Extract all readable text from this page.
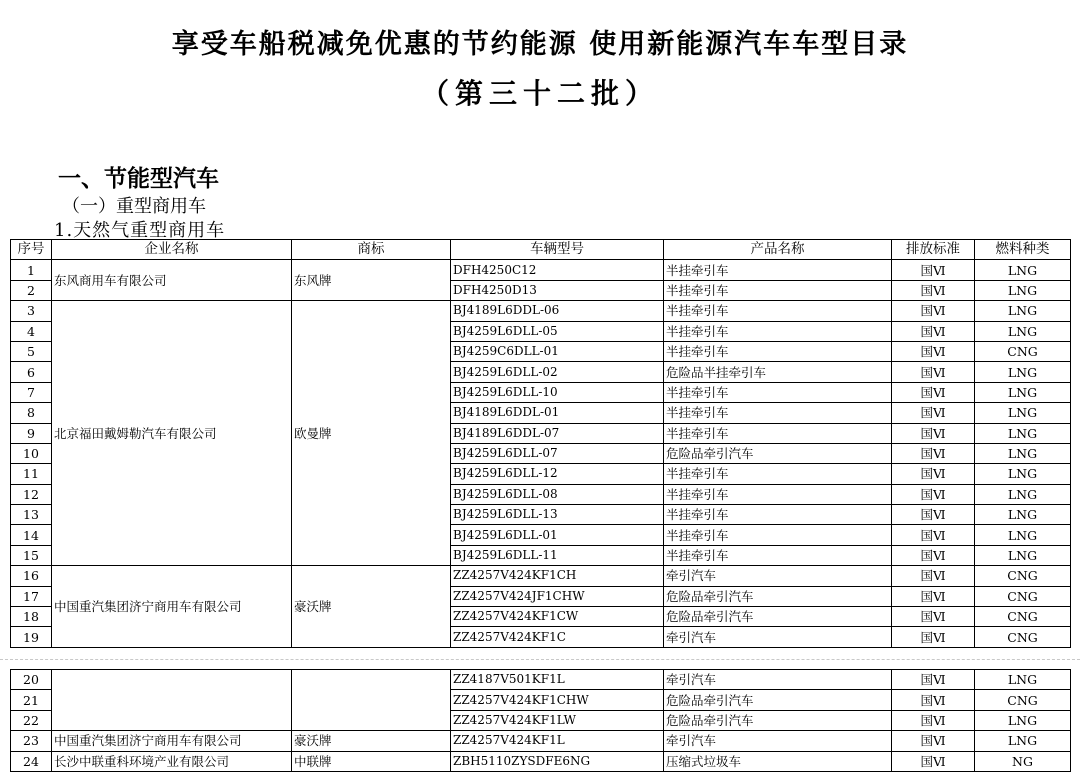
享受车船税减免优惠的节约能源 使用新能源汽车车型目录
（第三十二批）
一、节能型汽车
（一）重型商用车
1.天然气重型商用车
序号	企业名称	商标	车辆型号	产品名称	排放标准	燃料种类
1	东风商用车有限公司	东风牌	DFH4250C12	半挂牵引车	国Ⅵ	LNG
2			DFH4250D13	半挂牵引车	国Ⅵ	LNG
3	北京福田戴姆勒汽车有限公司	欧曼牌	BJ4189L6DDL-06	半挂牵引车	国Ⅵ	LNG
4			BJ4259L6DLL-05	半挂牵引车	国Ⅵ	LNG
5			BJ4259C6DLL-01	半挂牵引车	国Ⅵ	CNG
6			BJ4259L6DLL-02	危险品半挂牵引车	国Ⅵ	LNG
7			BJ4259L6DLL-10	半挂牵引车	国Ⅵ	LNG
8			BJ4189L6DDL-01	半挂牵引车	国Ⅵ	LNG
9			BJ4189L6DDL-07	半挂牵引车	国Ⅵ	LNG
10			BJ4259L6DLL-07	危险品牵引汽车	国Ⅵ	LNG
11			BJ4259L6DLL-12	半挂牵引车	国Ⅵ	LNG
12			BJ4259L6DLL-08	半挂牵引车	国Ⅵ	LNG
13			BJ4259L6DLL-13	半挂牵引车	国Ⅵ	LNG
14			BJ4259L6DLL-01	半挂牵引车	国Ⅵ	LNG
15			BJ4259L6DLL-11	半挂牵引车	国Ⅵ	LNG
16	中国重汽集团济宁商用车有限公司	豪沃牌	ZZ4257V424KF1CH	牵引汽车	国Ⅵ	CNG
17			ZZ4257V424JF1CHW	危险品牵引汽车	国Ⅵ	CNG
18			ZZ4257V424KF1CW	危险品牵引汽车	国Ⅵ	CNG
19			ZZ4257V424KF1C	牵引汽车	国Ⅵ	CNG
20			ZZ4187V501KF1L	牵引汽车	国Ⅵ	LNG
21			ZZ4257V424KF1CHW	危险品牵引汽车	国Ⅵ	CNG
22			ZZ4257V424KF1LW	危险品牵引汽车	国Ⅵ	LNG
23	中国重汽集团济宁商用车有限公司	豪沃牌	ZZ4257V424KF1L	牵引汽车	国Ⅵ	LNG
24	长沙中联重科环境产业有限公司	中联牌	ZBH5110ZYSDFE6NG	压缩式垃圾车	国Ⅵ	NG
